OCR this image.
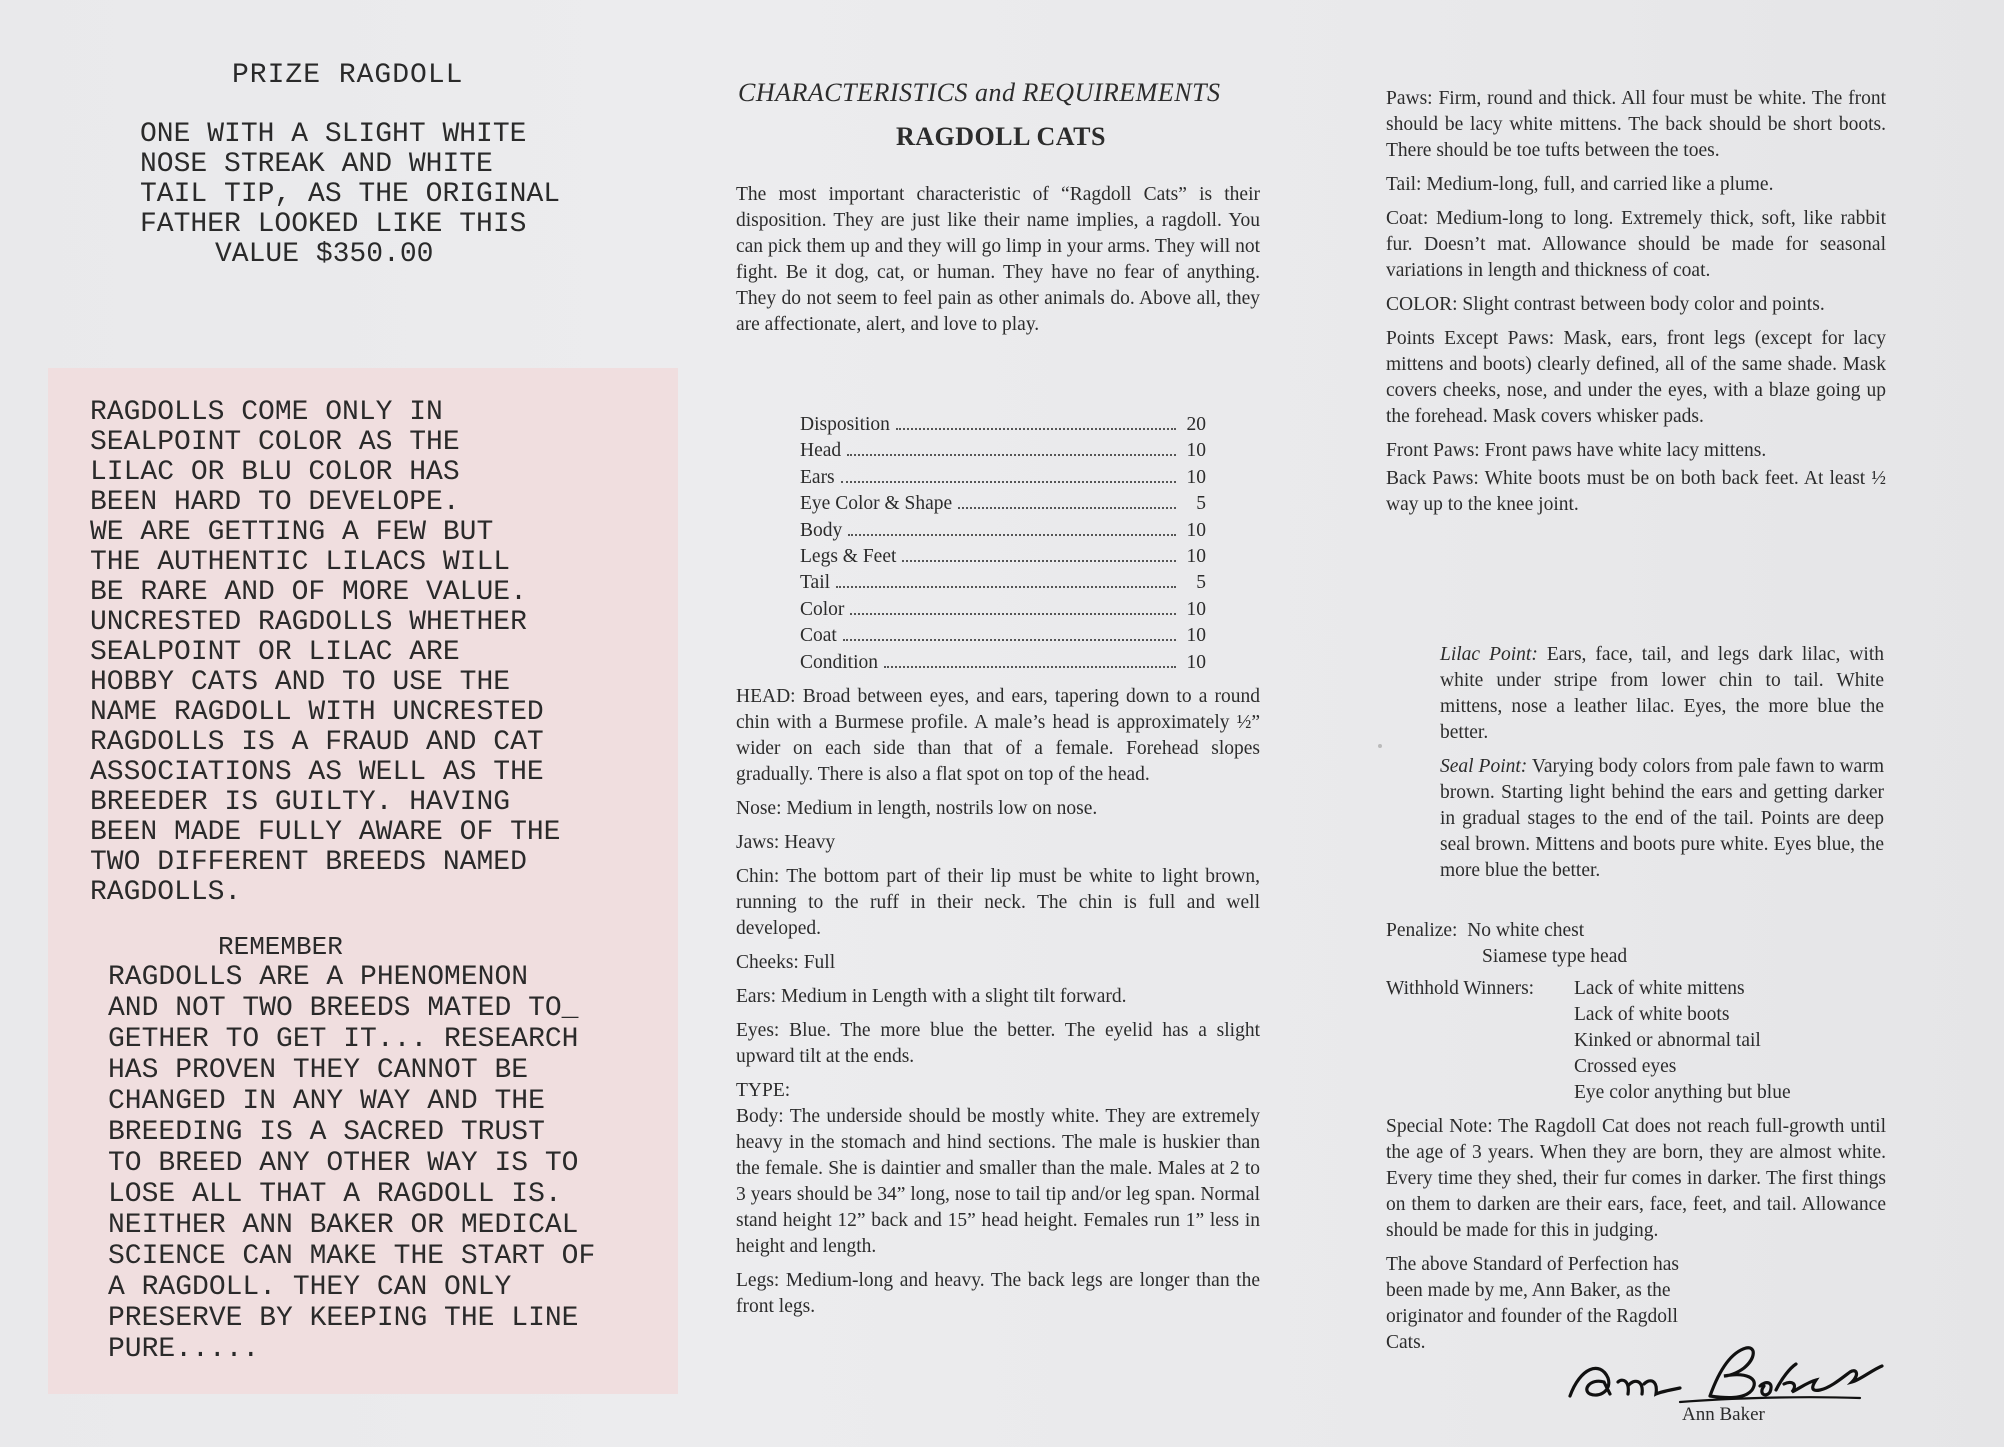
PRIZE RAGDOLL
ONE WITH A SLIGHT WHITE
NOSE STREAK AND WHITE
TAIL TIP, AS THE ORIGINAL
FATHER LOOKED LIKE THIS
VALUE $350.00
RAGDOLLS COME ONLY IN
SEALPOINT COLOR AS THE
LILAC OR BLU COLOR HAS
BEEN HARD TO DEVELOPE.
WE ARE GETTING A FEW BUT
THE AUTHENTIC LILACS WILL
BE RARE AND OF MORE VALUE.
UNCRESTED RAGDOLLS WHETHER
SEALPOINT OR LILAC ARE
HOBBY CATS AND TO USE THE
NAME RAGDOLL WITH UNCRESTED
RAGDOLLS IS A FRAUD AND CAT
ASSOCIATIONS AS WELL AS THE
BREEDER IS GUILTY. HAVING
BEEN MADE FULLY AWARE OF THE
TWO DIFFERENT BREEDS NAMED
RAGDOLLS.
REMEMBER
RAGDOLLS ARE A PHENOMENON
AND NOT TWO BREEDS MATED TO_
GETHER TO GET IT... RESEARCH
HAS PROVEN THEY CANNOT BE
CHANGED IN ANY WAY AND THE
BREEDING IS A SACRED TRUST
TO BREED ANY OTHER WAY IS TO
LOSE ALL THAT A RAGDOLL IS.
NEITHER ANN BAKER OR MEDICAL
SCIENCE CAN MAKE THE START OF
A RAGDOLL. THEY CAN ONLY
PRESERVE BY KEEPING THE LINE
PURE.....
CHARACTERISTICS and REQUIREMENTS
RAGDOLL CATS

The most important characteristic of “Ragdoll Cats” is their disposition. They are just like their name implies, a ragdoll. You can pick them up and they will go limp in your arms. They will not fight. Be it dog, cat, or human. They have no fear of anything. They do not seem to feel pain as other animals do. Above all, they are affectionate, alert, and love to play.

Disposition	20
Head	10
Ears	10
Eye Color & Shape	5
Body	10
Legs & Feet	10
Tail	5
Color	10
Coat	10
Condition	10

HEAD: Broad between eyes, and ears, tapering down to a round chin with a Burmese profile. A male’s head is approximately ½” wider on each side than that of a female. Forehead slopes gradually. There is also a flat spot on top of the head.

Nose: Medium in length, nostrils low on nose.

Jaws: Heavy

Chin: The bottom part of their lip must be white to light brown, running to the ruff in their neck. The chin is full and well developed.

Cheeks: Full

Ears: Medium in Length with a slight tilt forward.

Eyes: Blue. The more blue the better. The eyelid has a slight upward tilt at the ends.

TYPE:

Body: The underside should be mostly white. They are extremely heavy in the stomach and hind sections. The male is huskier than the female. She is daintier and smaller than the male. Males at 2 to 3 years should be 34” long, nose to tail tip and/or leg span. Normal stand height 12” back and 15” head height. Females run 1” less in height and length.

Legs: Medium-long and heavy. The back legs are longer than the front legs.

Paws: Firm, round and thick. All four must be white. The front should be lacy white mittens. The back should be short boots. There should be toe tufts between the toes.

Tail: Medium-long, full, and carried like a plume.

Coat: Medium-long to long. Extremely thick, soft, like rabbit fur. Doesn’t mat. Allowance should be made for seasonal variations in length and thickness of coat.

COLOR: Slight contrast between body color and points.

Points Except Paws: Mask, ears, front legs (except for lacy mittens and boots) clearly defined, all of the same shade. Mask covers cheeks, nose, and under the eyes, with a blaze going up the forehead. Mask covers whisker pads.

Front Paws: Front paws have white lacy mittens.

Back Paws: White boots must be on both back feet. At least ½ way up to the knee joint.

Lilac Point: Ears, face, tail, and legs dark lilac, with white under stripe from lower chin to tail. White mittens, nose a leather lilac. Eyes, the more blue the better.

Seal Point: Varying body colors from pale fawn to warm brown. Starting light behind the ears and getting darker in gradual stages to the end of the tail. Points are deep seal brown. Mittens and boots pure white. Eyes blue, the more blue the better.

Penalize: No white chest
Siamese type head
Withhold Winners:	Lack of white mittens
Lack of white boots
Kinked or abnormal tail
Crossed eyes
Eye color anything but blue

Special Note: The Ragdoll Cat does not reach full-growth until the age of 3 years. When they are born, they are almost white. Every time they shed, their fur comes in darker. The first things on them to darken are their ears, face, feet, and tail. Allowance should be made for this in judging.

The above Standard of Perfection has been made by me, Ann Baker, as the originator and founder of the Ragdoll Cats.

Ann Baker
